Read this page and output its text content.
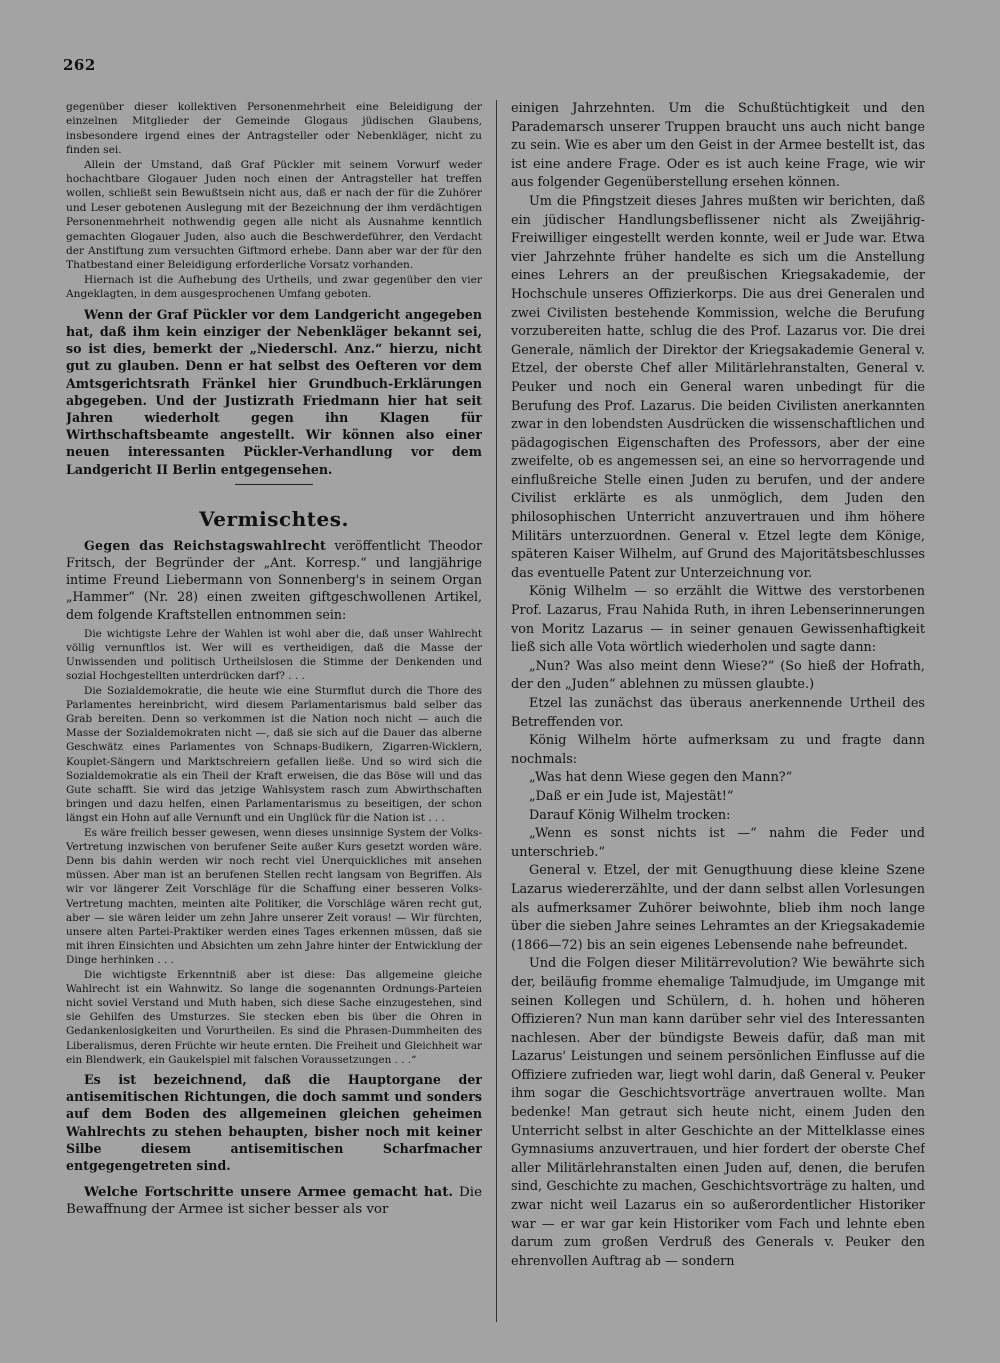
262

gegenüber dieser kollektiven Personenmehrheit eine Beleidigung der einzelnen Mitglieder der Gemeinde Glogaus jüdischen Glaubens, insbesondere irgend eines der Antragsteller oder Nebenkläger, nicht zu finden sei.

Allein der Umstand, daß Graf Pückler mit seinem Vorwurf weder hochachtbare Glogauer Juden noch einen der Antragsteller hat treffen wollen, schließt sein Bewußtsein nicht aus, daß er nach der für die Zuhörer und Leser gebotenen Auslegung mit der Bezeichnung der ihm verdächtigen Personenmehrheit nothwendig gegen alle nicht als Ausnahme kenntlich gemachten Glogauer Juden, also auch die Beschwerdeführer, den Verdacht der Anstiftung zum versuchten Giftmord erhebe. Dann aber war der für den Thatbestand einer Beleidigung erforderliche Vorsatz vorhanden.

Hiernach ist die Aufhebung des Urtheils, und zwar gegenüber den vier Angeklagten, in dem ausgesprochenen Umfang geboten.

Wenn der Graf Pückler vor dem Landgericht angegeben hat, daß ihm kein einziger der Nebenkläger bekannt sei, so ist dies, bemerkt der „Niederschl. Anz.“ hierzu, nicht gut zu glauben. Denn er hat selbst des Oefteren vor dem Amtsgerichtsrath Fränkel hier Grundbuch-Erklärungen abgegeben. Und der Justizrath Friedmann hier hat seit Jahren wiederholt gegen ihn Klagen für Wirthschaftsbeamte angestellt. Wir können also einer neuen interessanten Pückler-Verhandlung vor dem Landgericht II Berlin entgegensehen.

Vermischtes.

Gegen das Reichstagswahlrecht veröffentlicht Theodor Fritsch, der Begründer der „Ant. Korresp.“ und langjährige intime Freund Liebermann von Sonnenberg's in seinem Organ „Hammer“ (Nr. 28) einen zweiten giftgeschwollenen Artikel, dem folgende Kraftstellen entnommen sein:

Die wichtigste Lehre der Wahlen ist wohl aber die, daß unser Wahlrecht völlig vernunftlos ist. Wer will es vertheidigen, daß die Masse der Unwissenden und politisch Urtheilslosen die Stimme der Denkenden und sozial Hochgestellten unterdrücken darf? . . .

Die Sozialdemokratie, die heute wie eine Sturmflut durch die Thore des Parlamentes hereinbricht, wird diesem Parlamentarismus bald selber das Grab bereiten. Denn so verkommen ist die Nation noch nicht — auch die Masse der Sozialdemokraten nicht —, daß sie sich auf die Dauer das alberne Geschwätz eines Parlamentes von Schnaps-Budikern, Zigarren-Wicklern, Kouplet-Sängern und Marktschreiern gefallen ließe. Und so wird sich die Sozialdemokratie als ein Theil der Kraft erweisen, die das Böse will und das Gute schafft. Sie wird das jetzige Wahlsystem rasch zum Abwirthschaften bringen und dazu helfen, einen Parlamentarismus zu beseitigen, der schon längst ein Hohn auf alle Vernunft und ein Unglück für die Nation ist . . .

Es wäre freilich besser gewesen, wenn dieses unsinnige System der Volks-Vertretung inzwischen von berufener Seite außer Kurs gesetzt worden wäre. Denn bis dahin werden wir noch recht viel Unerquickliches mit ansehen müssen. Aber man ist an berufenen Stellen recht langsam von Begriffen. Als wir vor längerer Zeit Vorschläge für die Schaffung einer besseren Volks-Vertretung machten, meinten alte Politiker, die Vorschläge wären recht gut, aber — sie wären leider um zehn Jahre unserer Zeit voraus! — Wir fürchten, unsere alten Partei-Praktiker werden eines Tages erkennen müssen, daß sie mit ihren Einsichten und Absichten um zehn Jahre hinter der Entwicklung der Dinge herhinken . . .

Die wichtigste Erkenntniß aber ist diese: Das allgemeine gleiche Wahlrecht ist ein Wahnwitz. So lange die sogenannten Ordnungs-Parteien nicht soviel Verstand und Muth haben, sich diese Sache einzugestehen, sind sie Gehilfen des Umsturzes. Sie stecken eben bis über die Ohren in Gedankenlosigkeiten und Vorurtheilen. Es sind die Phrasen-Dummheiten des Liberalismus, deren Früchte wir heute ernten. Die Freiheit und Gleichheit war ein Blendwerk, ein Gaukelspiel mit falschen Voraussetzungen . . .“

Es ist bezeichnend, daß die Hauptorgane der antisemitischen Richtungen, die doch sammt und sonders auf dem Boden des allgemeinen gleichen geheimen Wahlrechts zu stehen behaupten, bisher noch mit keiner Silbe diesem antisemitischen Scharfmacher entgegengetreten sind.

Welche Fortschritte unsere Armee gemacht hat. Die Bewaffnung der Armee ist sicher besser als vor

einigen Jahrzehnten. Um die Schußtüchtigkeit und den Parademarsch unserer Truppen braucht uns auch nicht bange zu sein. Wie es aber um den Geist in der Armee bestellt ist, das ist eine andere Frage. Oder es ist auch keine Frage, wie wir aus folgender Gegenüberstellung ersehen können.

Um die Pfingstzeit dieses Jahres mußten wir berichten, daß ein jüdischer Handlungsbeflissener nicht als Zweijährig-Freiwilliger eingestellt werden konnte, weil er Jude war. Etwa vier Jahrzehnte früher handelte es sich um die Anstellung eines Lehrers an der preußischen Kriegsakademie, der Hochschule unseres Offizierkorps. Die aus drei Generalen und zwei Civilisten bestehende Kommission, welche die Berufung vorzubereiten hatte, schlug die des Prof. Lazarus vor. Die drei Generale, nämlich der Direktor der Kriegsakademie General v. Etzel, der oberste Chef aller Militärlehranstalten, General v. Peuker und noch ein General waren unbedingt für die Berufung des Prof. Lazarus. Die beiden Civilisten anerkannten zwar in den lobendsten Ausdrücken die wissenschaftlichen und pädagogischen Eigenschaften des Professors, aber der eine zweifelte, ob es angemessen sei, an eine so hervorragende und einflußreiche Stelle einen Juden zu berufen, und der andere Civilist erklärte es als unmöglich, dem Juden den philosophischen Unterricht anzuvertrauen und ihm höhere Militärs unterzuordnen. General v. Etzel legte dem Könige, späteren Kaiser Wilhelm, auf Grund des Majoritätsbeschlusses das eventuelle Patent zur Unterzeichnung vor.

König Wilhelm — so erzählt die Wittwe des verstorbenen Prof. Lazarus, Frau Nahida Ruth, in ihren Lebenserinnerungen von Moritz Lazarus — in seiner genauen Gewissenhaftigkeit ließ sich alle Vota wörtlich wiederholen und sagte dann:

„Nun? Was also meint denn Wiese?“ (So hieß der Hofrath, der den „Juden“ ablehnen zu müssen glaubte.)

Etzel las zunächst das überaus anerkennende Urtheil des Betreffenden vor.

König Wilhelm hörte aufmerksam zu und fragte dann nochmals:

„Was hat denn Wiese gegen den Mann?“

„Daß er ein Jude ist, Majestät!“

Darauf König Wilhelm trocken:

„Wenn es sonst nichts ist —“ nahm die Feder und unterschrieb.“

General v. Etzel, der mit Genugthuung diese kleine Szene Lazarus wiedererzählte, und der dann selbst allen Vorlesungen als aufmerksamer Zuhörer beiwohnte, blieb ihm noch lange über die sieben Jahre seines Lehramtes an der Kriegsakademie (1866—72) bis an sein eigenes Lebensende nahe befreundet.

Und die Folgen dieser Militärrevolution? Wie bewährte sich der, beiläufig fromme ehemalige Talmudjude, im Umgange mit seinen Kollegen und Schülern, d. h. hohen und höheren Offizieren? Nun man kann darüber sehr viel des Interessanten nachlesen. Aber der bündigste Beweis dafür, daß man mit Lazarus' Leistungen und seinem persönlichen Einflusse auf die Offiziere zufrieden war, liegt wohl darin, daß General v. Peuker ihm sogar die Geschichtsvorträge anvertrauen wollte. Man bedenke! Man getraut sich heute nicht, einem Juden den Unterricht selbst in alter Geschichte an der Mittelklasse eines Gymnasiums anzuvertrauen, und hier fordert der oberste Chef aller Militärlehranstalten einen Juden auf, denen, die berufen sind, Geschichte zu machen, Geschichtsvorträge zu halten, und zwar nicht weil Lazarus ein so außerordentlicher Historiker war — er war gar kein Historiker vom Fach und lehnte eben darum zum großen Verdruß des Generals v. Peuker den ehrenvollen Auftrag ab — sondern
